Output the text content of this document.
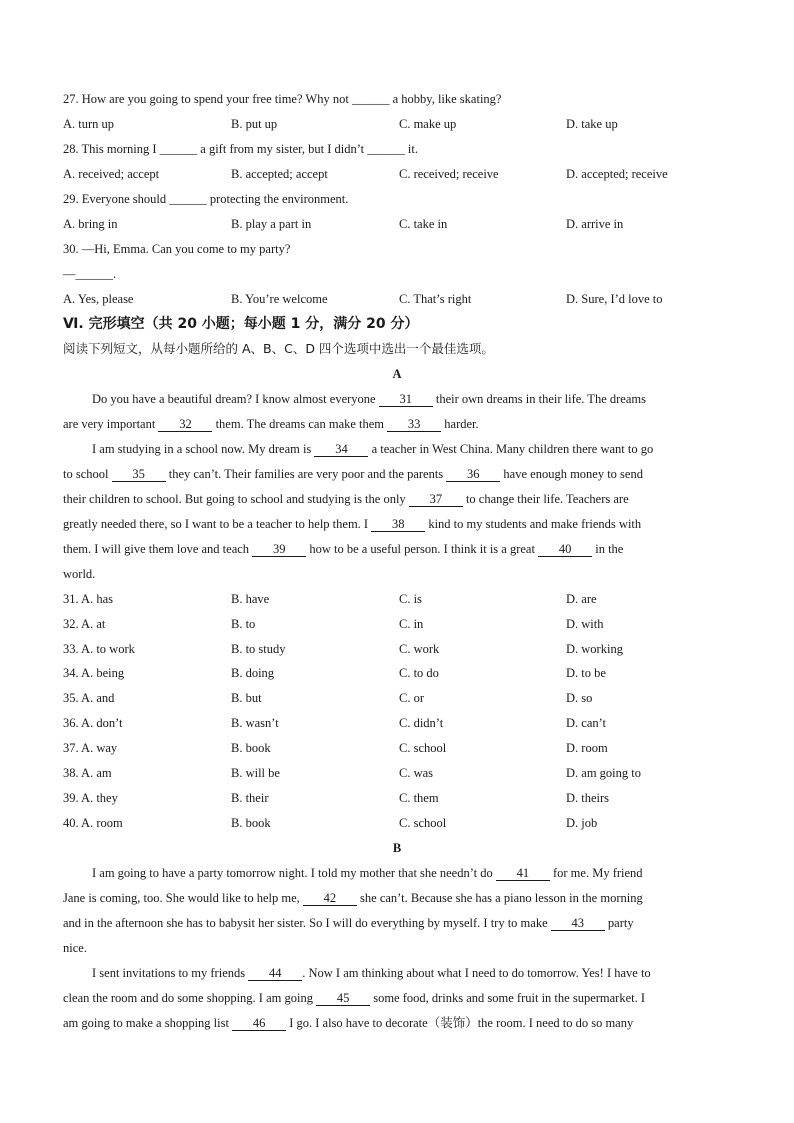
27. How are you going to spend your free time? Why not ______ a hobby, like skating?
A. turn up	B. put up	C. make up	D. take up
28. This morning I ______ a gift from my sister, but I didn’t ______ it.
A. received; accept	B. accepted; accept	C. received; receive	D. accepted; receive
29. Everyone should ______ protecting the environment.
A. bring in	B. play a part in	C. take in	D. arrive in
30. —Hi, Emma. Can you come to my party?
—______.
A. Yes, please	B. You’re welcome	C. That’s right	D. Sure, I’d love to
Ⅵ. 完形填空（共 20 小题；每小题 1 分，满分 20 分）
阅读下列短文，从每小题所给的 A、B、C、D 四个选项中选出一个最佳选项。
A
Do you have a beautiful dream? I know almost everyone 31 their own dreams in their life. The dreams
are very important 32 them. The dreams can make them 33 harder.
I am studying in a school now. My dream is 34 a teacher in West China. Many children there want to go
to school 35 they can’t. Their families are very poor and the parents 36 have enough money to send
their children to school. But going to school and studying is the only 37 to change their life. Teachers are
greatly needed there, so I want to be a teacher to help them. I 38 kind to my students and make friends with
them. I will give them love and teach 39 how to be a useful person. I think it is a great 40 in the
world.
31. A. has	B. have	C. is	D. are
32. A. at	B. to	C. in	D. with
33. A. to work	B. to study	C. work	D. working
34. A. being	B. doing	C. to do	D. to be
35. A. and	B. but	C. or	D. so
36. A. don’t	B. wasn’t	C. didn’t	D. can’t
37. A. way	B. book	C. school	D. room
38. A. am	B. will be	C. was	D. am going to
39. A. they	B. their	C. them	D. theirs
40. A. room	B. book	C. school	D. job
B
I am going to have a party tomorrow night. I told my mother that she needn’t do 41 for me. My friend
Jane is coming, too. She would like to help me, 42 she can’t. Because she has a piano lesson in the morning
and in the afternoon she has to babysit her sister. So I will do everything by myself. I try to make 43 party
nice.
I sent invitations to my friends 44 . Now I am thinking about what I need to do tomorrow. Yes! I have to
clean the room and do some shopping. I am going 45 some food, drinks and some fruit in the supermarket. I
am going to make a shopping list 46 I go. I also have to decorate（装饰）the room. I need to do so many
